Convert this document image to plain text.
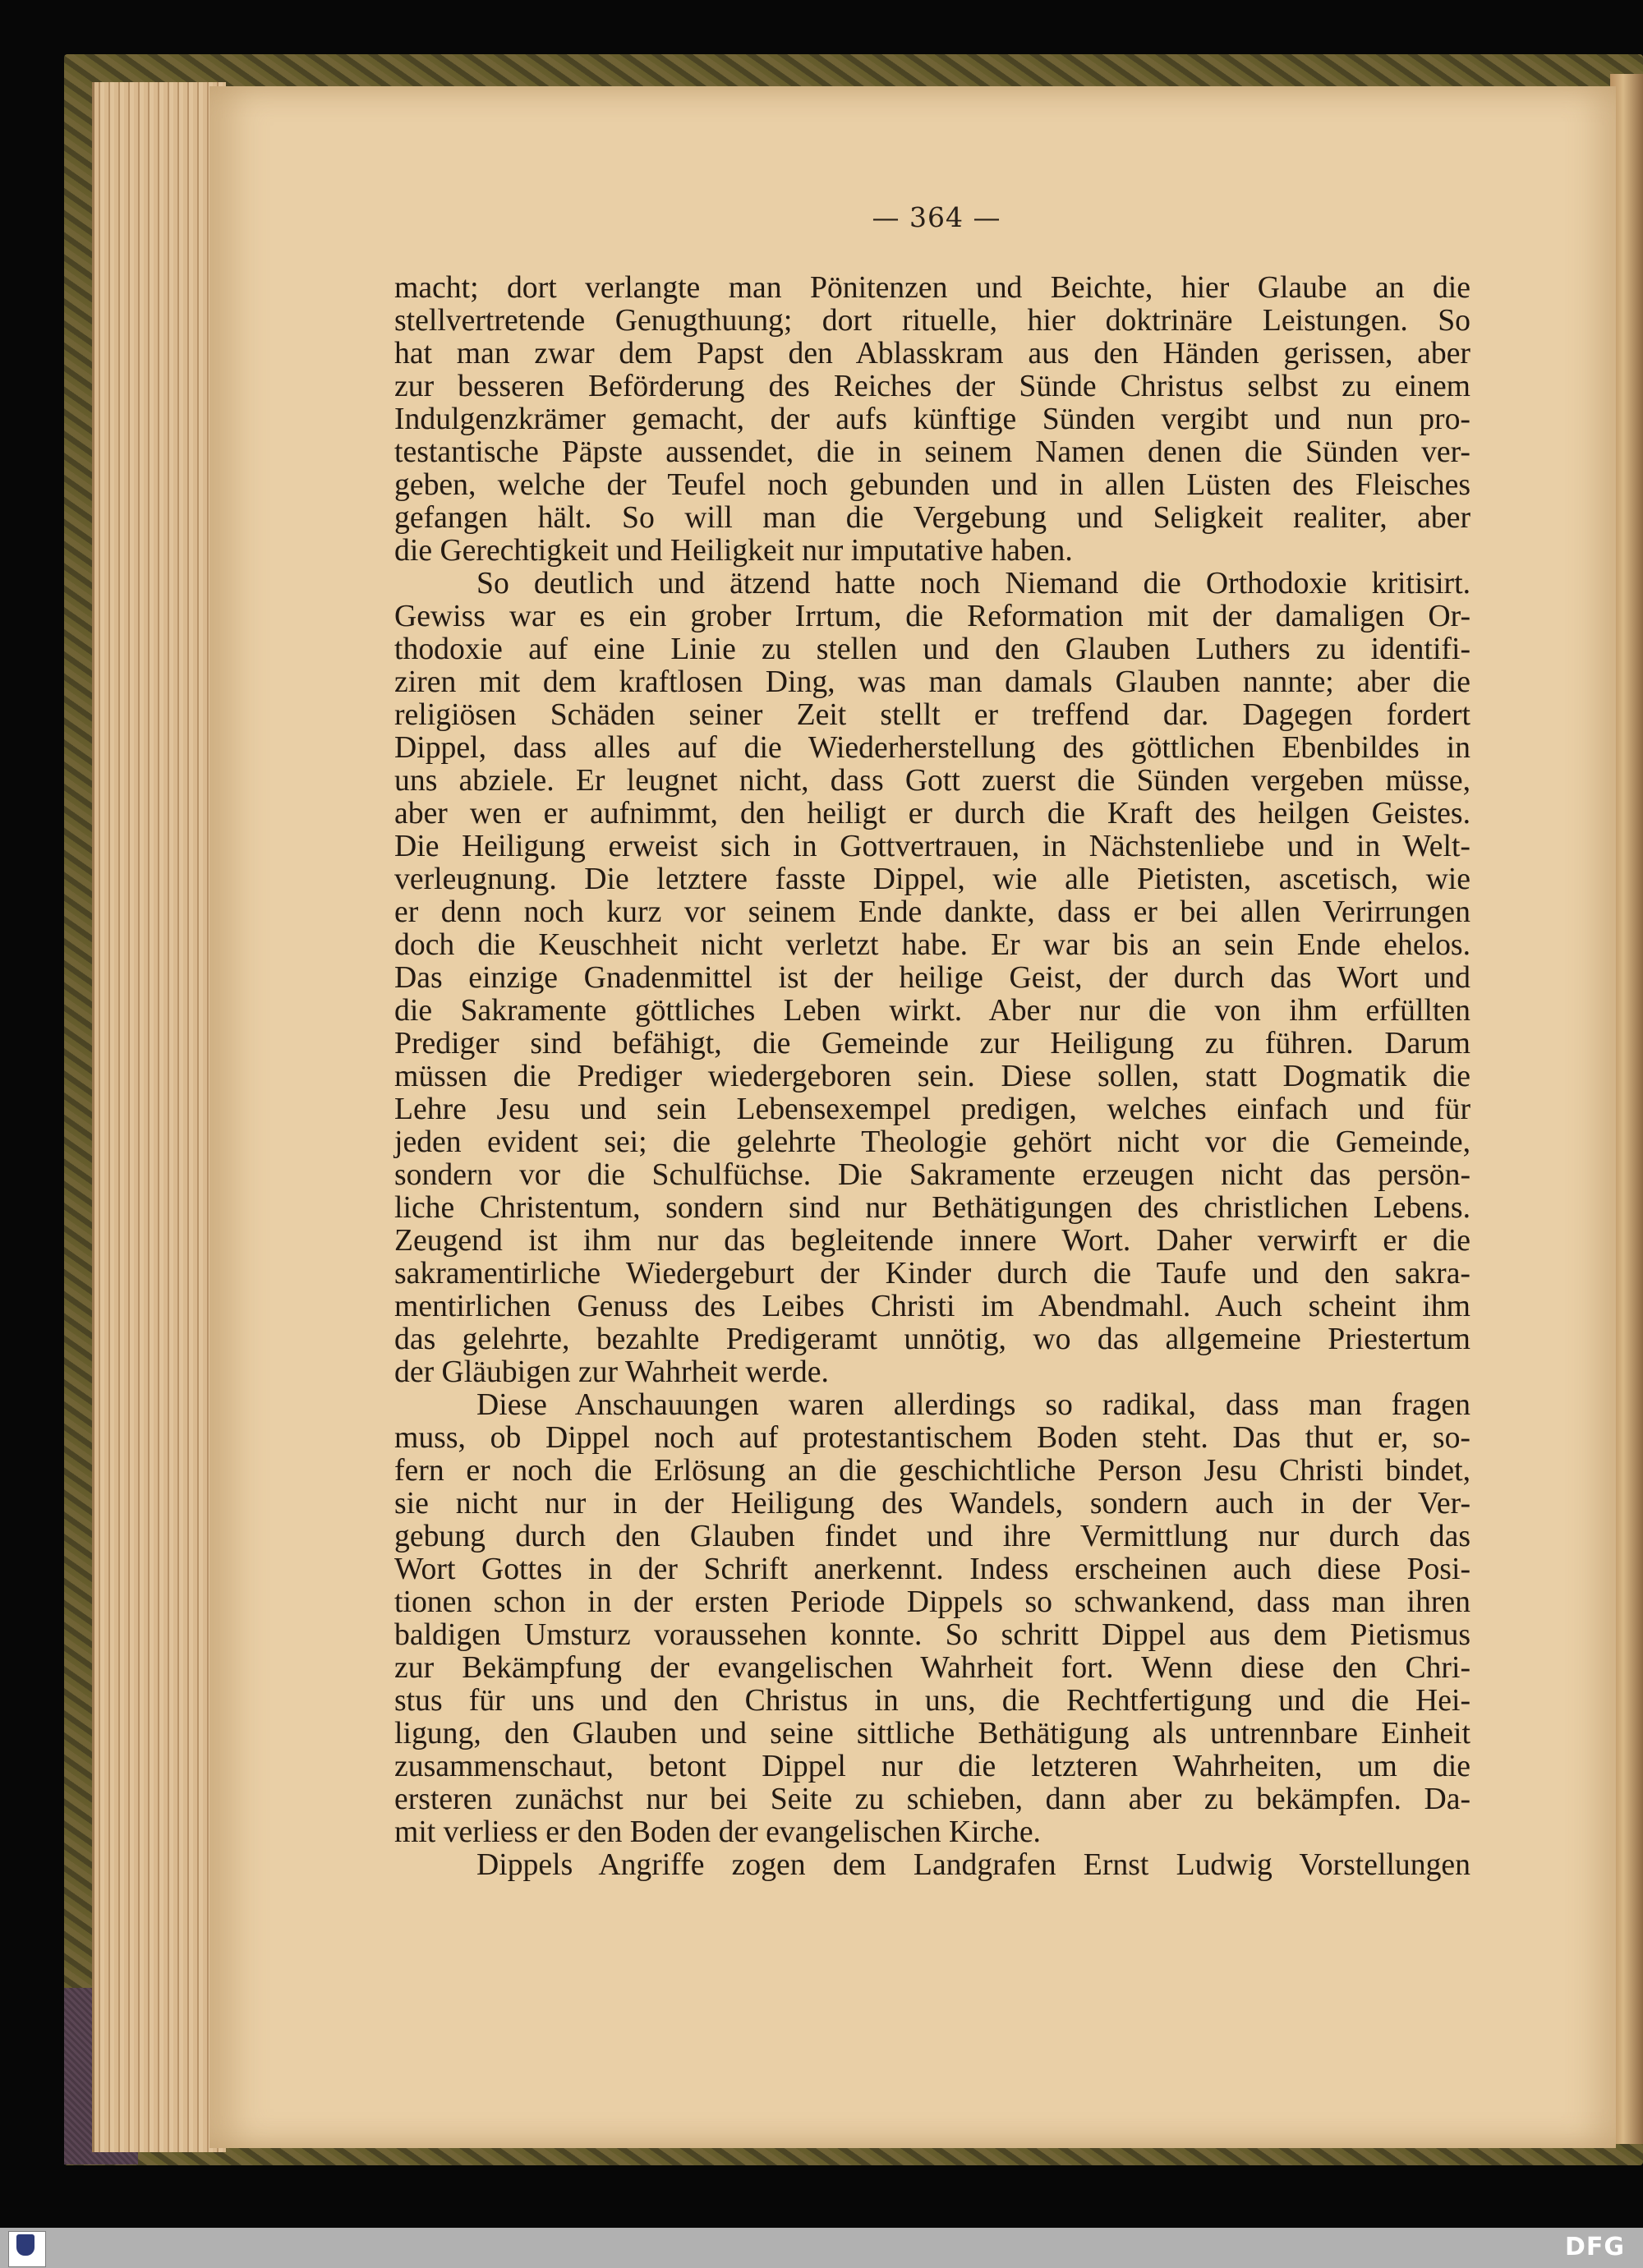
— 364 —
macht; dort verlangte man Pönitenzen und Beichte, hier Glaube an die
stellvertretende Genugthuung; dort rituelle, hier doktrinäre Leistungen. So
hat man zwar dem Papst den Ablasskram aus den Händen gerissen, aber
zur besseren Beförderung des Reiches der Sünde Christus selbst zu einem
Indulgenzkrämer gemacht, der aufs künftige Sünden vergibt und nun pro-
testantische Päpste aussendet, die in seinem Namen denen die Sünden ver-
geben, welche der Teufel noch gebunden und in allen Lüsten des Fleisches
gefangen hält. So will man die Vergebung und Seligkeit realiter, aber
die Gerechtigkeit und Heiligkeit nur imputative haben.
So deutlich und ätzend hatte noch Niemand die Orthodoxie kritisirt.
Gewiss war es ein grober Irrtum, die Reformation mit der damaligen Or-
thodoxie auf eine Linie zu stellen und den Glauben Luthers zu identifi-
ziren mit dem kraftlosen Ding, was man damals Glauben nannte; aber die
religiösen Schäden seiner Zeit stellt er treffend dar. Dagegen fordert
Dippel, dass alles auf die Wiederherstellung des göttlichen Ebenbildes in
uns abziele. Er leugnet nicht, dass Gott zuerst die Sünden vergeben müsse,
aber wen er aufnimmt, den heiligt er durch die Kraft des heilgen Geistes.
Die Heiligung erweist sich in Gottvertrauen, in Nächstenliebe und in Welt-
verleugnung. Die letztere fasste Dippel, wie alle Pietisten, ascetisch, wie
er denn noch kurz vor seinem Ende dankte, dass er bei allen Verirrungen
doch die Keuschheit nicht verletzt habe. Er war bis an sein Ende ehelos.
Das einzige Gnadenmittel ist der heilige Geist, der durch das Wort und
die Sakramente göttliches Leben wirkt. Aber nur die von ihm erfüllten
Prediger sind befähigt, die Gemeinde zur Heiligung zu führen. Darum
müssen die Prediger wiedergeboren sein. Diese sollen, statt Dogmatik die
Lehre Jesu und sein Lebensexempel predigen, welches einfach und für
jeden evident sei; die gelehrte Theologie gehört nicht vor die Gemeinde,
sondern vor die Schulfüchse. Die Sakramente erzeugen nicht das persön-
liche Christentum, sondern sind nur Bethätigungen des christlichen Lebens.
Zeugend ist ihm nur das begleitende innere Wort. Daher verwirft er die
sakramentirliche Wiedergeburt der Kinder durch die Taufe und den sakra-
mentirlichen Genuss des Leibes Christi im Abendmahl. Auch scheint ihm
das gelehrte, bezahlte Predigeramt unnötig, wo das allgemeine Priestertum
der Gläubigen zur Wahrheit werde.
Diese Anschauungen waren allerdings so radikal, dass man fragen
muss, ob Dippel noch auf protestantischem Boden steht. Das thut er, so-
fern er noch die Erlösung an die geschichtliche Person Jesu Christi bindet,
sie nicht nur in der Heiligung des Wandels, sondern auch in der Ver-
gebung durch den Glauben findet und ihre Vermittlung nur durch das
Wort Gottes in der Schrift anerkennt. Indess erscheinen auch diese Posi-
tionen schon in der ersten Periode Dippels so schwankend, dass man ihren
baldigen Umsturz voraussehen konnte. So schritt Dippel aus dem Pietismus
zur Bekämpfung der evangelischen Wahrheit fort. Wenn diese den Chri-
stus für uns und den Christus in uns, die Rechtfertigung und die Hei-
ligung, den Glauben und seine sittliche Bethätigung als untrennbare Einheit
zusammenschaut, betont Dippel nur die letzteren Wahrheiten, um die
ersteren zunächst nur bei Seite zu schieben, dann aber zu bekämpfen. Da-
mit verliess er den Boden der evangelischen Kirche.
Dippels Angriffe zogen dem Landgrafen Ernst Ludwig Vorstellungen
DFG
